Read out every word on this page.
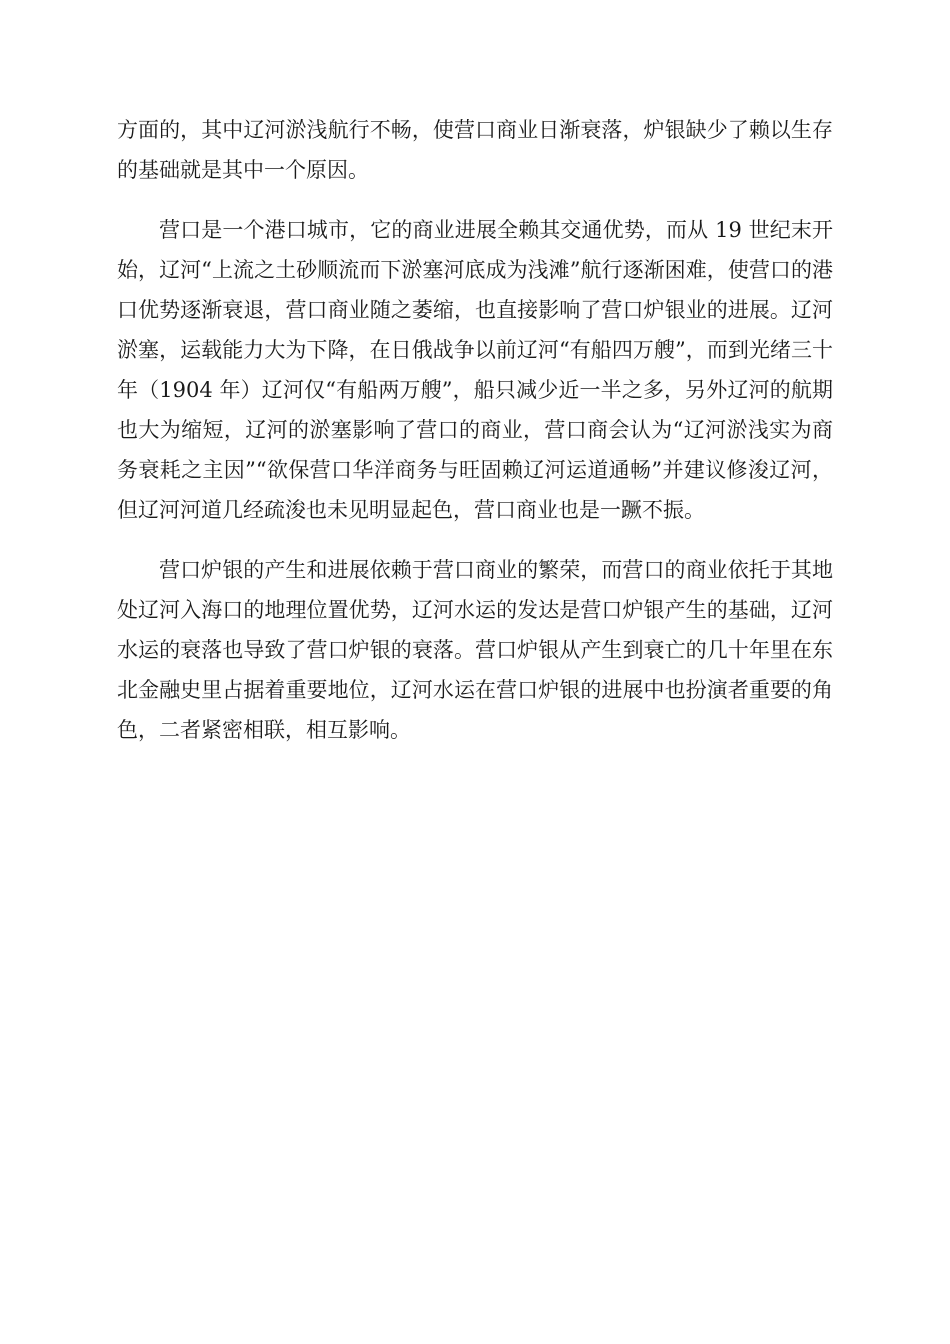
方面的，其中辽河淤浅航行不畅，使营口商业日渐衰落，炉银缺少了赖以生存的基础就是其中一个原因。

营口是一个港口城市，它的商业进展全赖其交通优势，而从 19 世纪末开始，辽河“上流之土砂顺流而下淤塞河底成为浅滩”航行逐渐困难，使营口的港口优势逐渐衰退，营口商业随之萎缩，也直接影响了营口炉银业的进展。辽河淤塞，运载能力大为下降，在日俄战争以前辽河“有船四万艘”，而到光绪三十年（1904 年）辽河仅“有船两万艘”，船只减少近一半之多，另外辽河的航期也大为缩短，辽河的淤塞影响了营口的商业，营口商会认为“辽河淤浅实为商务衰耗之主因”“欲保营口华洋商务与旺固赖辽河运道通畅”并建议修浚辽河，但辽河河道几经疏浚也未见明显起色，营口商业也是一蹶不振。

营口炉银的产生和进展依赖于营口商业的繁荣，而营口的商业依托于其地处辽河入海口的地理位置优势，辽河水运的发达是营口炉银产生的基础，辽河水运的衰落也导致了营口炉银的衰落。营口炉银从产生到衰亡的几十年里在东北金融史里占据着重要地位，辽河水运在营口炉银的进展中也扮演者重要的角色，二者紧密相联，相互影响。
